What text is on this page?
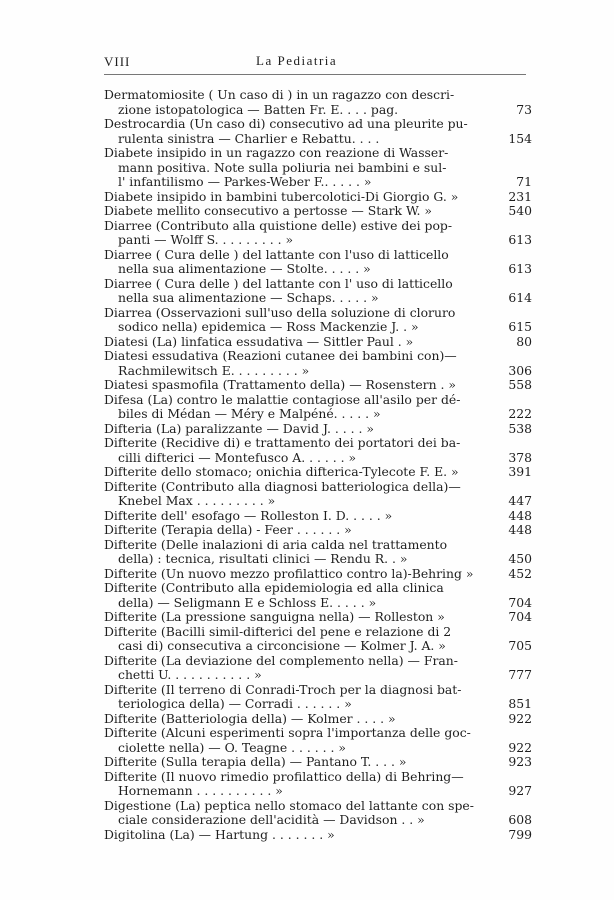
VIII	La Pediatria
Dermatomiosite ( Un caso di ) in un ragazzo con descri-
zione istopatologica — Batten Fr. E. . . . pag.	73
Destrocardia (Un caso di) consecutivo ad una pleurite pu-
rulenta sinistra — Charlier e Rebattu. . . .	154
Diabete insipido in un ragazzo con reazione di Wasser-
mann positiva. Note sulla poliuria nei bambini e sul-
l' infantilismo — Parkes-Weber F.. . . . . »	71
Diabete insipido in bambini tubercolotici-Di Giorgio G. »	231
Diabete mellito consecutivo a pertosse — Stark W. »	540
Diarree (Contributo alla quistione delle) estive dei pop-
panti — Wolff S. . . . . . . . . »	613
Diarree ( Cura delle ) del lattante con l'uso di latticello
nella sua alimentazione — Stolte. . . . . »	613
Diarree ( Cura delle ) del lattante con l' uso di latticello
nella sua alimentazione — Schaps. . . . . »	614
Diarrea (Osservazioni sull'uso della soluzione di cloruro
sodico nella) epidemica — Ross Mackenzie J. . »	615
Diatesi (La) linfatica essudativa — Sittler Paul . »	80
Diatesi essudativa (Reazioni cutanee dei bambini con)—
Rachmilewitsch E. . . . . . . . . »	306
Diatesi spasmofila (Trattamento della) — Rosenstern . »	558
Difesa (La) contro le malattie contagiose all'asilo per dé-
biles di Médan — Méry e Malpéné. . . . . »	222
Difteria (La) paralizzante — David J. . . . . »	538
Difterite (Recidive di) e trattamento dei portatori dei ba-
cilli difterici — Montefusco A. . . . . . »	378
Difterite dello stomaco; onichia difterica-Tylecote F. E. »	391
Difterite (Contributo alla diagnosi batteriologica della)—
Knebel Max . . . . . . . . . »	447
Difterite dell' esofago — Rolleston I. D. . . . . »	448
Difterite (Terapia della) - Feer . . . . . . »	448
Difterite (Delle inalazioni di aria calda nel trattamento
della) : tecnica, risultati clinici — Rendu R. . »	450
Difterite (Un nuovo mezzo profilattico contro la)-Behring »	452
Difterite (Contributo alla epidemiologia ed alla clinica
della) — Seligmann E e Schloss E. . . . . »	704
Difterite (La pressione sanguigna nella) — Rolleston »	704
Difterite (Bacilli simil-difterici del pene e relazione di 2
casi di) consecutiva a circoncisione — Kolmer J. A. »	705
Difterite (La deviazione del complemento nella) — Fran-
chetti U. . . . . . . . . . . »	777
Difterite (Il terreno di Conradi-Troch per la diagnosi bat-
teriologica della) — Corradi . . . . . . »	851
Difterite (Batteriologia della) — Kolmer . . . . »	922
Difterite (Alcuni esperimenti sopra l'importanza delle goc-
ciolette nella) — O. Teagne . . . . . . »	922
Difterite (Sulla terapia della) — Pantano T. . . . »	923
Difterite (Il nuovo rimedio profilattico della) di Behring—
Hornemann . . . . . . . . . . »	927
Digestione (La) peptica nello stomaco del lattante con spe-
ciale considerazione dell'acidità — Davidson . . »	608
Digitolina (La) — Hartung . . . . . . . »	799
